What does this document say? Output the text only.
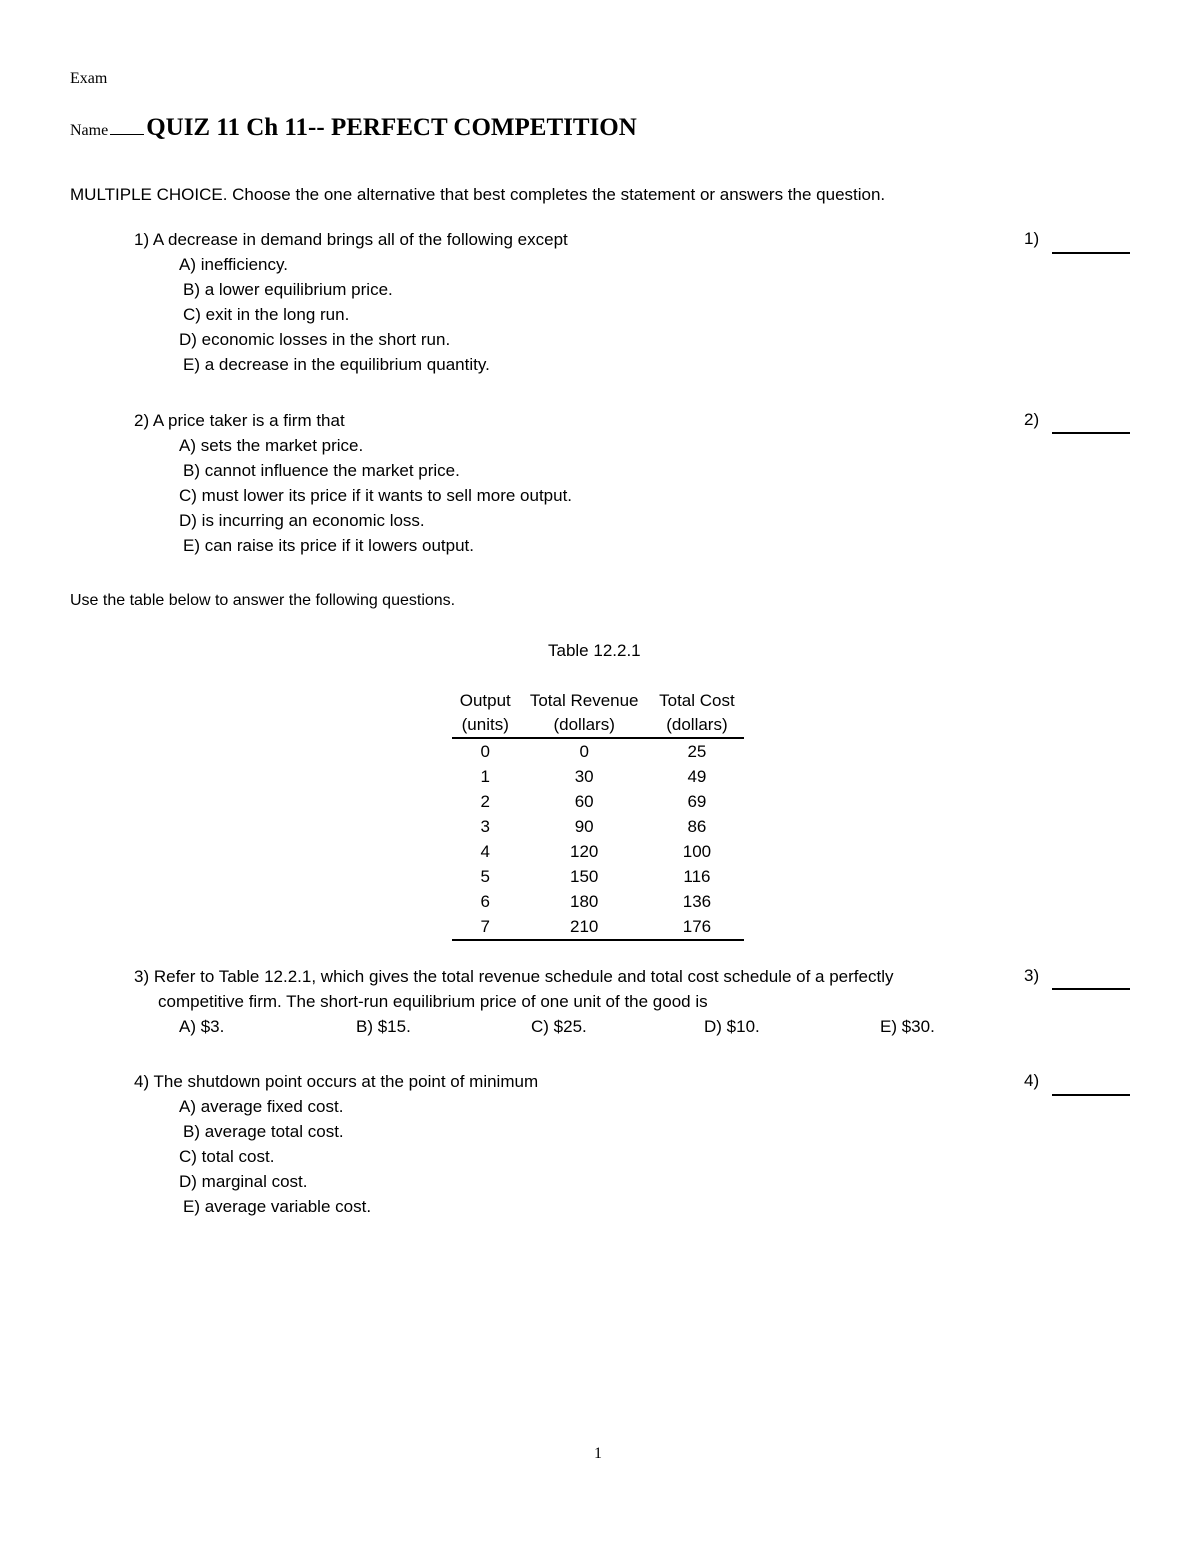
Exam
Name QUIZ 11 Ch 11-- PERFECT COMPETITION
MULTIPLE CHOICE. Choose the one alternative that best completes the statement or answers the question.
1) A decrease in demand brings all of the following except
A) inefficiency.
B) a lower equilibrium price.
C) exit in the long run.
D) economic losses in the short run.
E) a decrease in the equilibrium quantity.
1)
2) A price taker is a firm that
A) sets the market price.
B) cannot influence the market price.
C) must lower its price if it wants to sell more output.
D) is incurring an economic loss.
E) can raise its price if it lowers output.
2)
Use the table below to answer the following questions.
Table 12.2.1
Output	Total Revenue	Total Cost
(units)	(dollars)	(dollars)
0	0	25
1	30	49
2	60	69
3	90	86
4	120	100
5	150	116
6	180	136
7	210	176
3) Refer to Table 12.2.1, which gives the total revenue schedule and total cost schedule of a perfectly
competitive firm. The short-run equilibrium price of one unit of the good is
A) $3.	B) $15.	C) $25.	D) $10.	E) $30.
3)
4) The shutdown point occurs at the point of minimum
A) average fixed cost.
B) average total cost.
C) total cost.
D) marginal cost.
E) average variable cost.
4)
1
